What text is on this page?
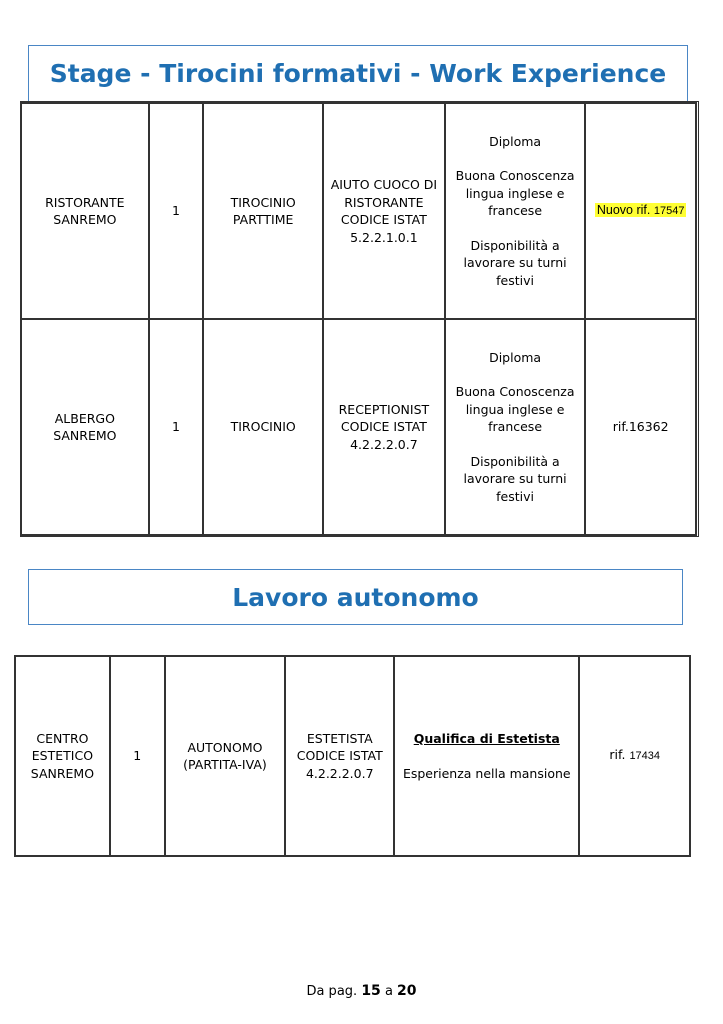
Stage - Tirocini formativi - Work Experience
RISTORANTE SANREMO	1	TIROCINIO PARTTIME	AIUTO CUOCO DI RISTORANTE CODICE ISTAT 5.2.2.1.0.1	Diploma

Buona Conoscenza lingua inglese e francese

Disponibilità a lavorare su turni festivi	Nuovo rif. 17547
ALBERGO SANREMO	1	TIROCINIO	RECEPTIONIST CODICE ISTAT 4.2.2.2.0.7	Diploma

Buona Conoscenza lingua inglese e francese

Disponibilità a lavorare su turni festivi	rif.16362
Lavoro autonomo
CENTRO ESTETICO SANREMO	1	AUTONOMO (PARTITA-IVA)	ESTETISTA CODICE ISTAT 4.2.2.2.0.7	

Qualifica di Estetista

Esperienza nella mansione

	rif. 17434
Da pag. 15 a 20
